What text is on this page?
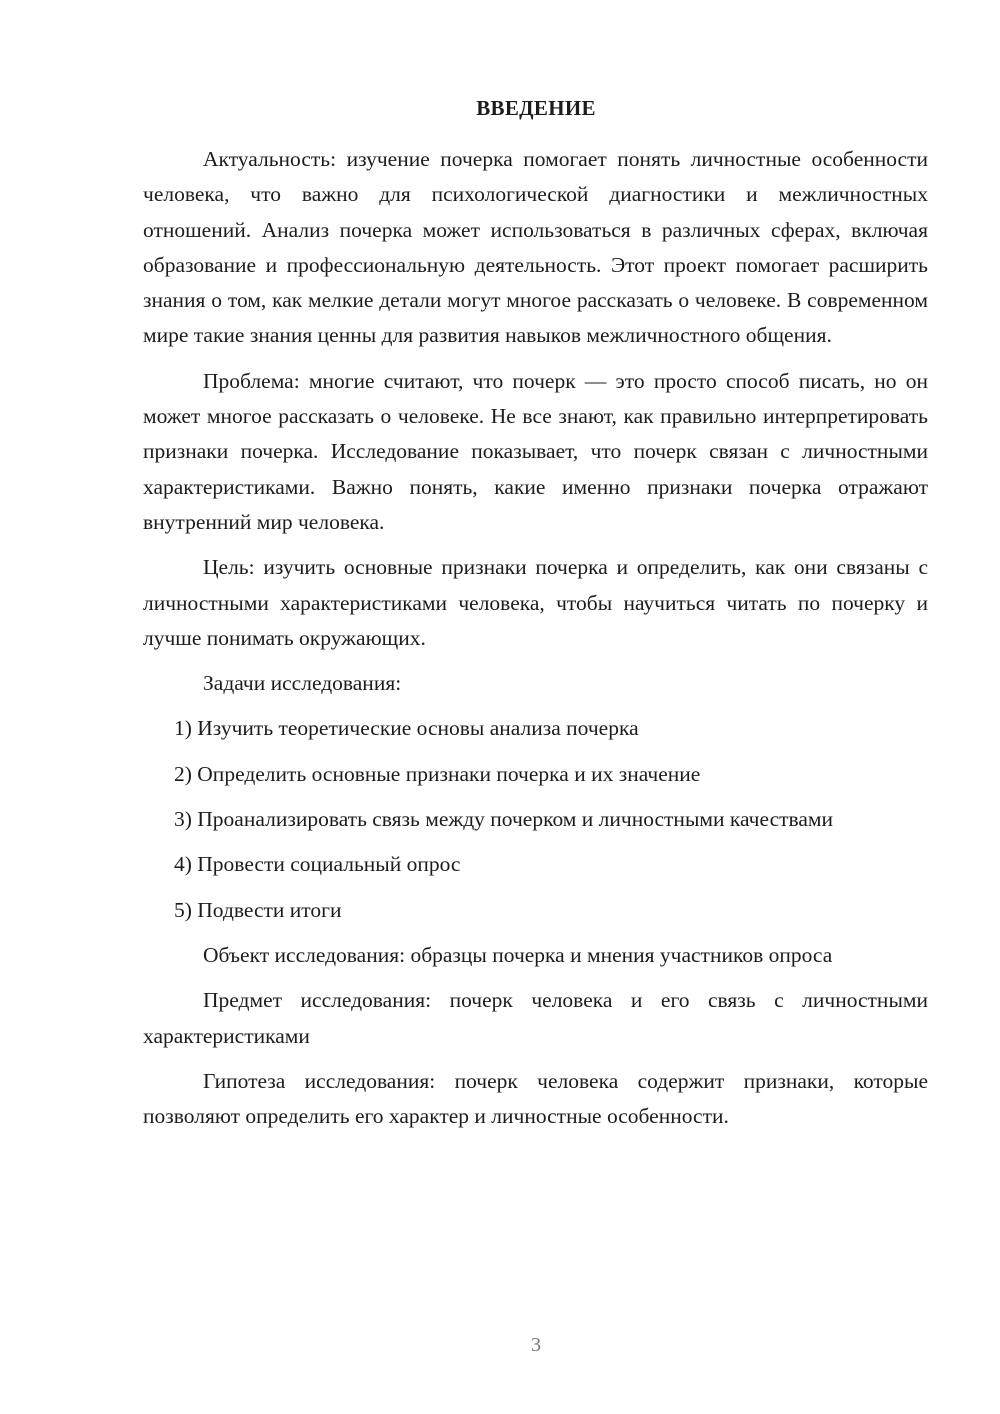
ВВЕДЕНИЕ

Актуальность: изучение почерка помогает понять личностные особенности человека, что важно для психологической диагностики и межличностных отношений. Анализ почерка может использоваться в различных сферах, включая образование и профессиональную деятельность. Этот проект помогает расширить знания о том, как мелкие детали могут многое рассказать о человеке. В современном мире такие знания ценны для развития навыков межличностного общения.

Проблема: многие считают, что почерк — это просто способ писать, но он может многое рассказать о человеке. Не все знают, как правильно интерпретировать признаки почерка. Исследование показывает, что почерк связан с личностными характеристиками. Важно понять, какие именно признаки почерка отражают внутренний мир человека.

Цель: изучить основные признаки почерка и определить, как они связаны с личностными характеристиками человека, чтобы научиться читать по почерку и лучше понимать окружающих.

Задачи исследования:

1) Изучить теоретические основы анализа почерка

2) Определить основные признаки почерка и их значение

3) Проанализировать связь между почерком и личностными качествами

4) Провести социальный опрос

5) Подвести итоги

Объект исследования: образцы почерка и мнения участников опроса

Предмет исследования: почерк человека и его связь с личностными характеристиками

Гипотеза исследования: почерк человека содержит признаки, которые позволяют определить его характер и личностные особенности.

3
